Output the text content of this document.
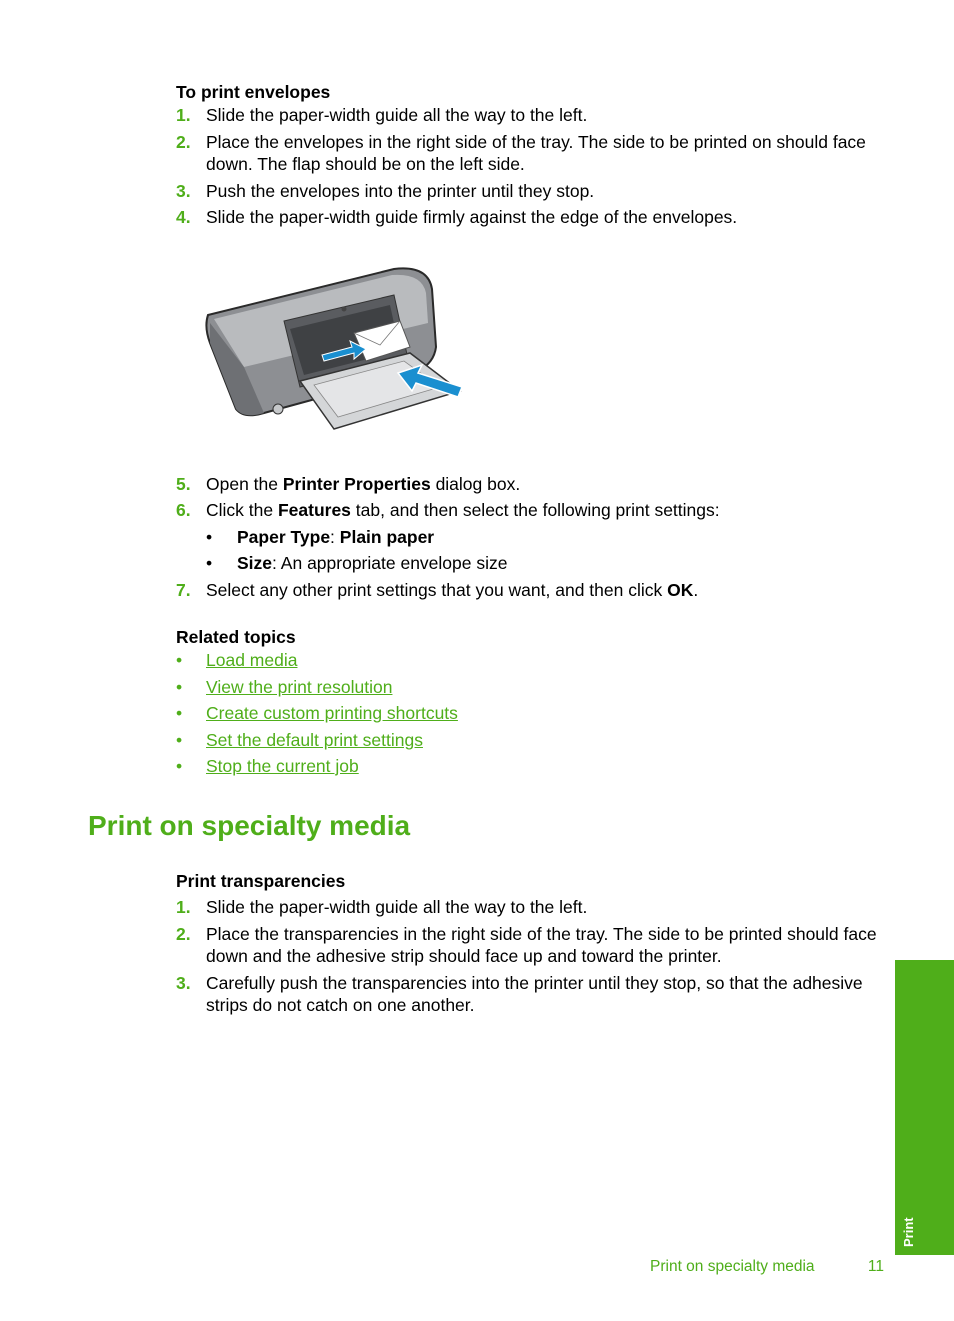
To print envelopes

1. Slide the paper-width guide all the way to the left.
2. Place the envelopes in the right side of the tray. The side to be printed on should face down. The flap should be on the left side.
3. Push the envelopes into the printer until they stop.
4. Slide the paper-width guide firmly against the edge of the envelopes.
5. Open the Printer Properties dialog box.
6. Click the Features tab, and then select the following print settings:
• Paper Type: Plain paper
• Size: An appropriate envelope size
7. Select any other print settings that you want, and then click OK.

Related topics

• Load media
• View the print resolution
• Create custom printing shortcuts
• Set the default print settings
• Stop the current job
Print on specialty media

Print transparencies

1. Slide the paper-width guide all the way to the left.
2. Place the transparencies in the right side of the tray. The side to be printed should face down and the adhesive strip should face up and toward the printer.
3. Carefully push the transparencies into the printer until they stop, so that the adhesive strips do not catch on one another.
Print
Print on specialty media	11
